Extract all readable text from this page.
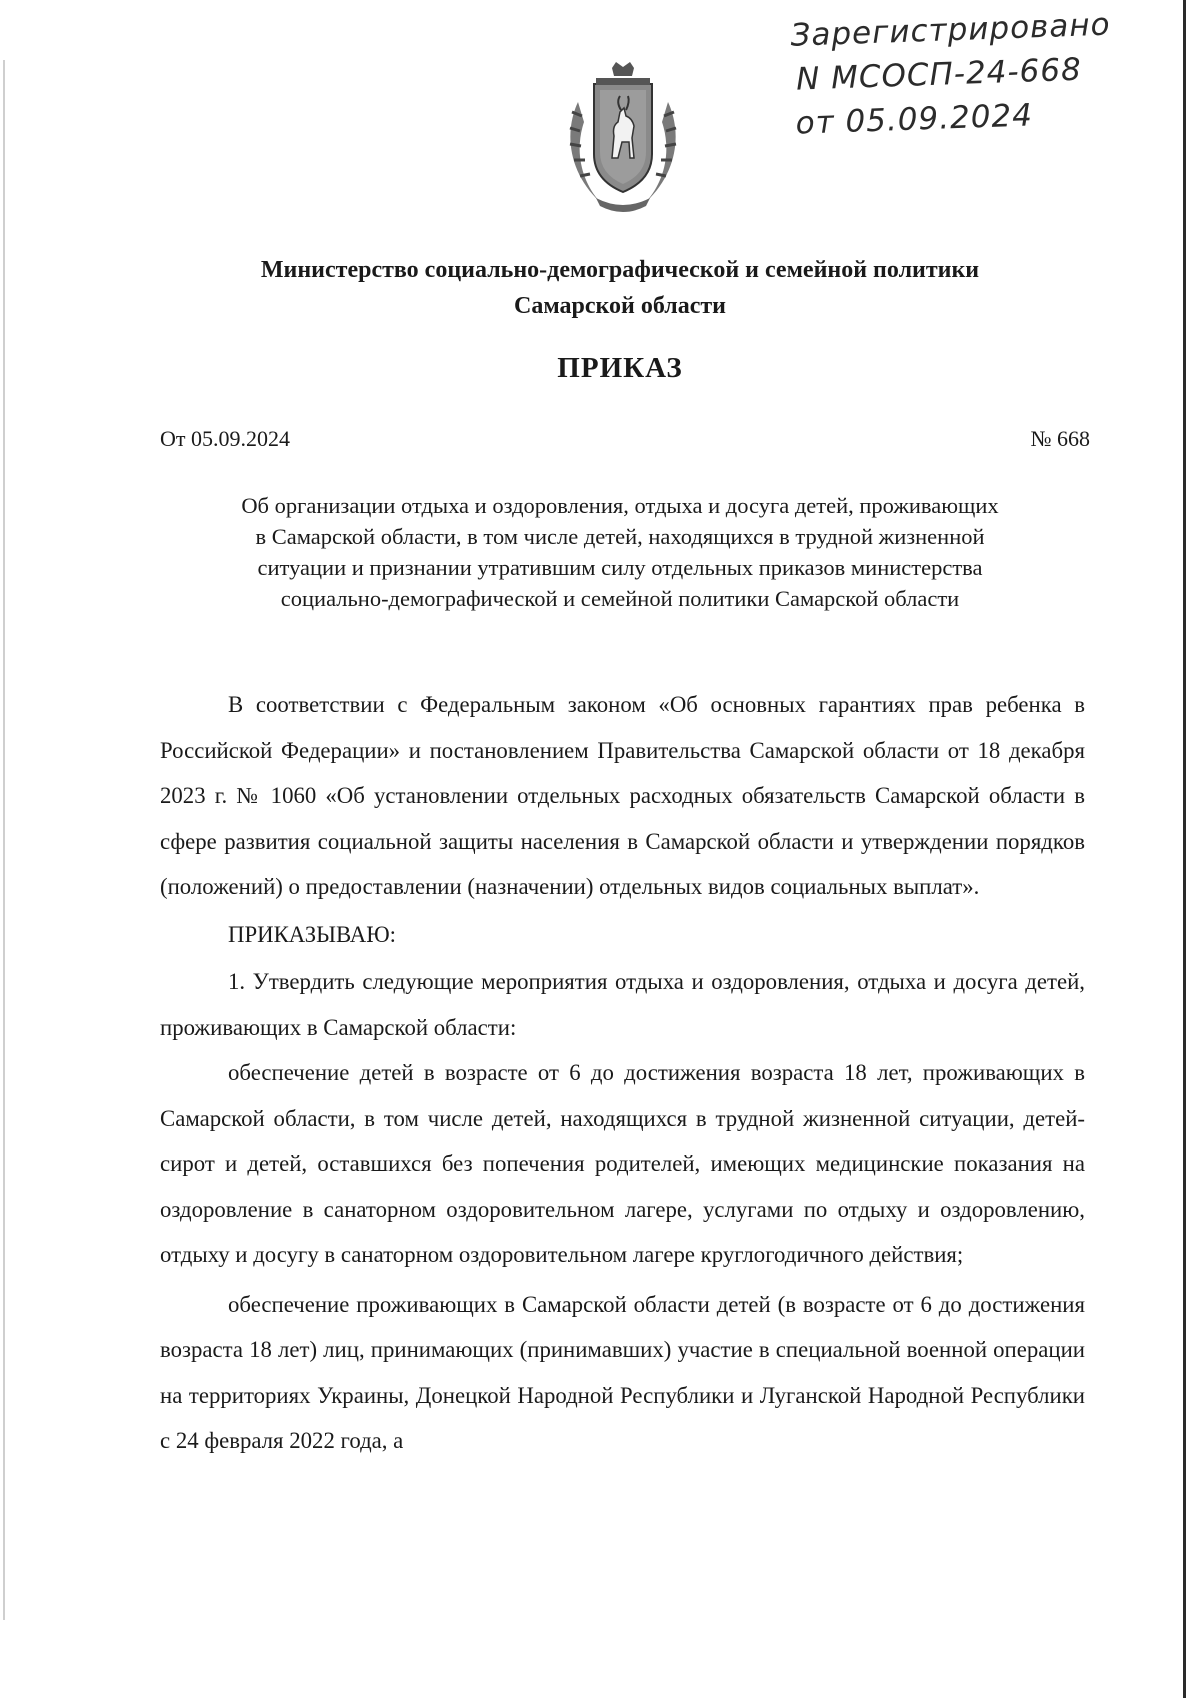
Зарегистрировано
N МСОСП-24-668
от 05.09.2024
Министерство социально-демографической и семейной политики
Самарской области
ПРИКАЗ
От 05.09.2024	№ 668
Об организации отдыха и оздоровления, отдыха и досуга детей, проживающих
в Самарской области, в том числе детей, находящихся в трудной жизненной
ситуации и признании утратившим силу отдельных приказов министерства
социально-демографической и семейной политики Самарской области

В соответствии с Федеральным законом «Об основных гарантиях прав ребенка в Российской Федерации» и постановлением Правительства Самарской области от 18 декабря 2023 г. № 1060 «Об установлении отдельных расходных обязательств Самарской области в сфере развития социальной защиты населения в Самарской области и утверждении порядков (положений) о предоставлении (назначении) отдельных видов социальных выплат».

ПРИКАЗЫВАЮ:

1. Утвердить следующие мероприятия отдыха и оздоровления, отдыха и досуга детей, проживающих в Самарской области:

обеспечение детей в возрасте от 6 до достижения возраста 18 лет, проживающих в Самарской области, в том числе детей, находящихся в трудной жизненной ситуации, детей-сирот и детей, оставшихся без попечения родителей, имеющих медицинские показания на оздоровление в санаторном оздоровительном лагере, услугами по отдыху и оздоровлению, отдыху и досугу в санаторном оздоровительном лагере круглогодичного действия;

обеспечение проживающих в Самарской области детей (в возрасте от 6 до достижения возраста 18 лет) лиц, принимающих (принимавших) участие в специальной военной операции на территориях Украины, Донецкой Народной Республики и Луганской Народной Республики с 24 февраля 2022 года, а
